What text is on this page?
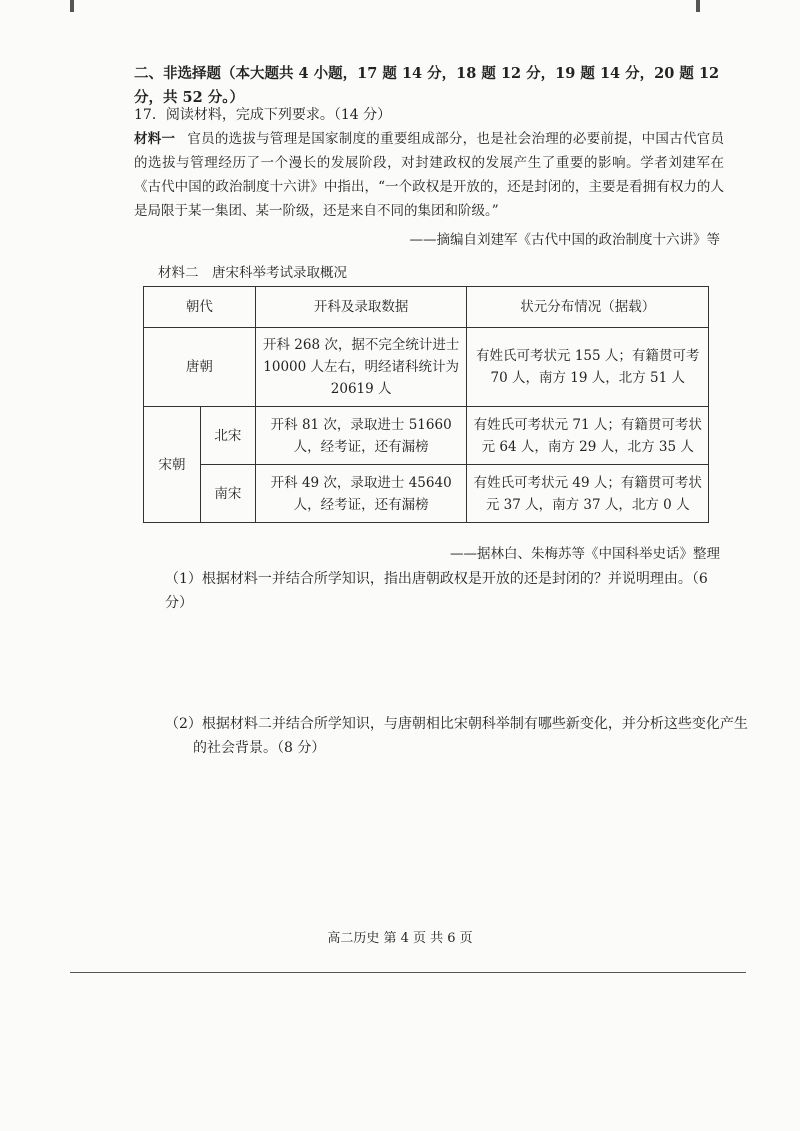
二、非选择题（本大题共 4 小题，17 题 14 分，18 题 12 分，19 题 14 分，20 题 12 分，共 52 分。）
17．阅读材料，完成下列要求。（14 分）
材料一 官员的选拔与管理是国家制度的重要组成部分，也是社会治理的必要前提，中国古代官员的选拔与管理经历了一个漫长的发展阶段，对封建政权的发展产生了重要的影响。学者刘建军在《古代中国的政治制度十六讲》中指出，“一个政权是开放的，还是封闭的，主要是看拥有权力的人是局限于某一集团、某一阶级，还是来自不同的集团和阶级。”
——摘编自刘建军《古代中国的政治制度十六讲》等
材料二　唐宋科举考试录取概况
朝代		开科及录取数据	状元分布情况（据载）
唐朝		开科 268 次，据不完全统计进士 10000 人左右，明经诸科统计为 20619 人	有姓氏可考状元 155 人；有籍贯可考 70 人，南方 19 人，北方 51 人
宋朝	北宋	开科 81 次，录取进士 51660 人，经考证，还有漏榜	有姓氏可考状元 71 人；有籍贯可考状元 64 人，南方 29 人，北方 35 人
	南宋	开科 49 次，录取进士 45640 人，经考证，还有漏榜	有姓氏可考状元 49 人；有籍贯可考状元 37 人，南方 37 人，北方 0 人
——据林白、朱梅苏等《中国科举史话》整理
（1）根据材料一并结合所学知识，指出唐朝政权是开放的还是封闭的？并说明理由。（6 分）
（2）根据材料二并结合所学知识，与唐朝相比宋朝科举制有哪些新变化，并分析这些变化产生的社会背景。（8 分）
高二历史 第 4 页 共 6 页
